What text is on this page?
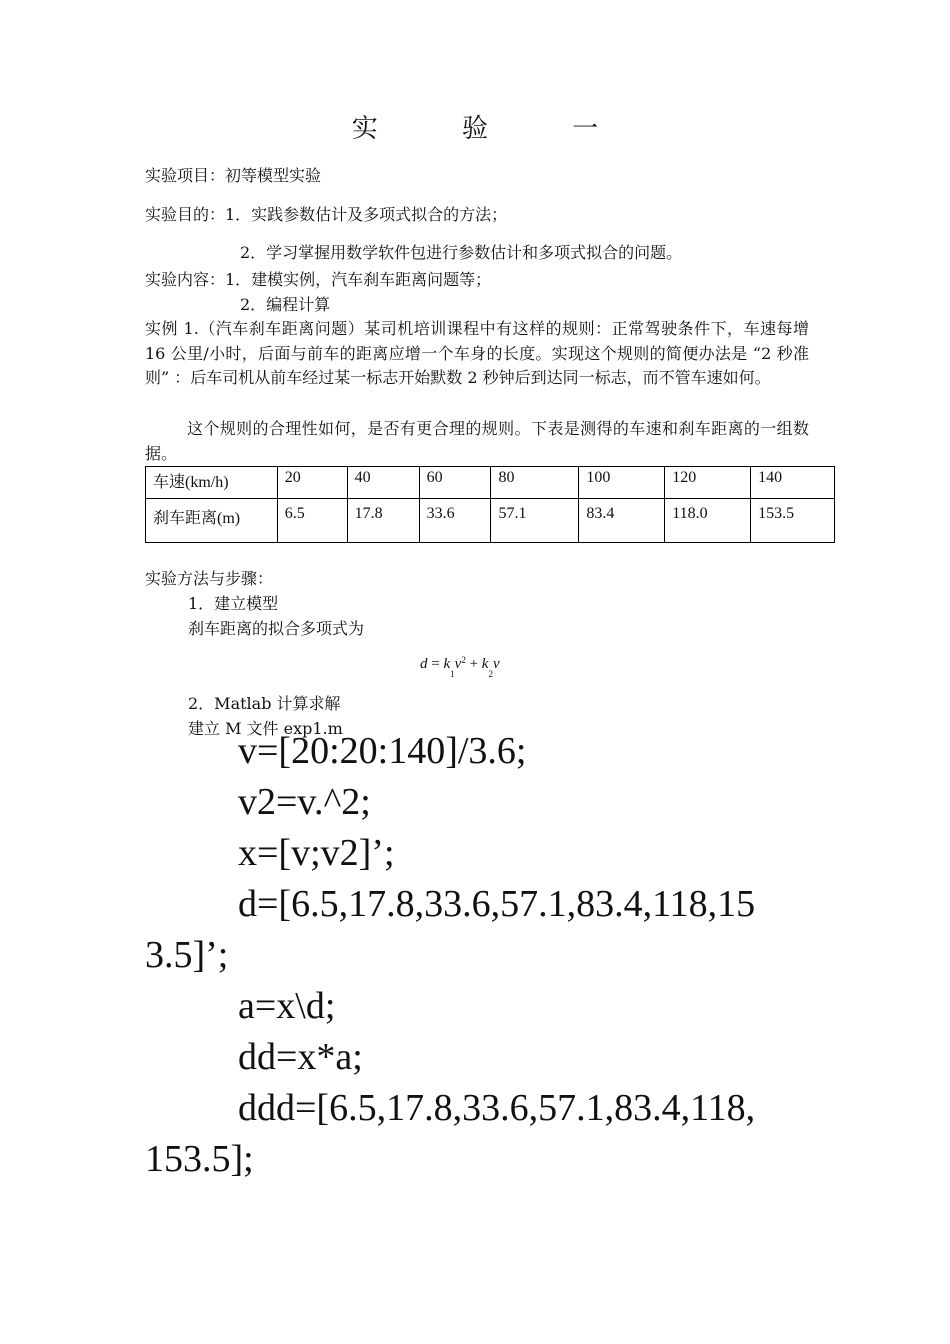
实 验 一
实验项目：初等模型实验
实验目的：1．实践参数估计及多项式拟合的方法；
2．学习掌握用数学软件包进行参数估计和多项式拟合的问题。
实验内容：1．建模实例，汽车刹车距离问题等；
2．编程计算
实例 1.（汽车刹车距离问题）某司机培训课程中有这样的规则：正常驾驶条件下，车速每增 16 公里/小时，后面与前车的距离应增一个车身的长度。实现这个规则的简便办法是 “2 秒准则” ：后车司机从前车经过某一标志开始默数 2 秒钟后到达同一标志，而不管车速如何。
这个规则的合理性如何，是否有更合理的规则。下表是测得的车速和刹车距离的一组数据。
车速(km/h)	20	40	60	80	100	120	140
刹车距离(m)	6.5	17.8	33.6	57.1	83.4	118.0	153.5
实验方法与步骤：
1．建立模型
刹车距离的拟合多项式为
$d = k_1v^2 + k_2v$
2．Matlab 计算求解
建立 M 文件 exp1.m
v=[20:20:140]/3.6;
v2=v.^2;
x=[v;v2]’;
d=[6.5,17.8,33.6,57.1,83.4,118,15
3.5]’;
a=x\d;
dd=x*a;
ddd=[6.5,17.8,33.6,57.1,83.4,118,
153.5];
